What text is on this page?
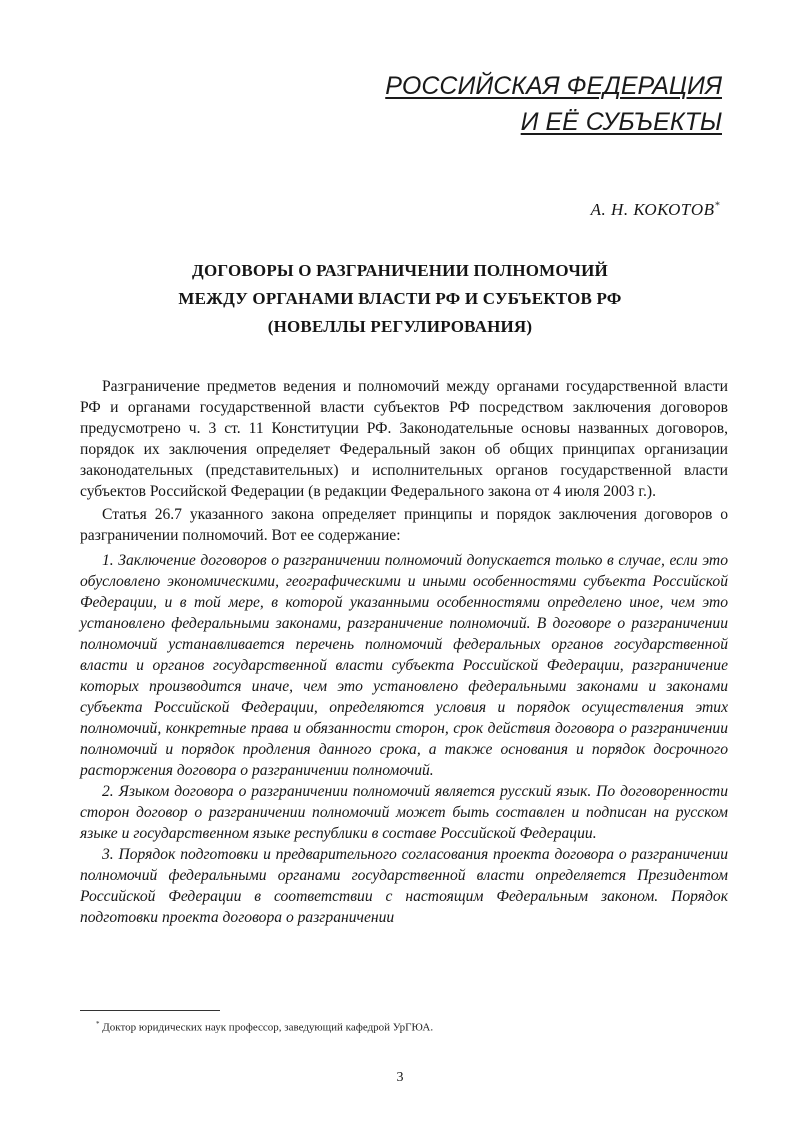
РОССИЙСКАЯ ФЕДЕРАЦИЯ
И ЕЁ СУБЪЕКТЫ
А. Н. КОКОТОВ*
ДОГОВОРЫ О РАЗГРАНИЧЕНИИ ПОЛНОМОЧИЙ
МЕЖДУ ОРГАНАМИ ВЛАСТИ РФ И СУБЪЕКТОВ РФ
(НОВЕЛЛЫ РЕГУЛИРОВАНИЯ)

Разграничение предметов ведения и полномочий между органами государственной власти РФ и органами государственной власти субъектов РФ посредством заключения договоров предусмотрено ч. 3 ст. 11 Конституции РФ. Законодательные основы названных договоров, порядок их заключения определяет Федеральный закон об общих принципах организации законодательных (представительных) и исполнительных органов государственной власти субъектов Российской Федерации (в редакции Федерального закона от 4 июля 2003 г.).

Статья 26.7 указанного закона определяет принципы и порядок заключения договоров о разграничении полномочий. Вот ее содержание:

1. Заключение договоров о разграничении полномочий допускается только в случае, если это обусловлено экономическими, географическими и иными особенностями субъекта Российской Федерации, и в той мере, в которой указанными особенностями определено иное, чем это установлено федеральными законами, разграничение полномочий. В договоре о разграничении полномочий устанавливается перечень полномочий федеральных органов государственной власти и органов государственной власти субъекта Российской Федерации, разграничение которых производится иначе, чем это установлено федеральными законами и законами субъекта Российской Федерации, определяются условия и порядок осуществления этих полномочий, конкретные права и обязанности сторон, срок действия договора о разграничении полномочий и порядок продления данного срока, а также основания и порядок досрочного расторжения договора о разграничении полномочий.

2. Языком договора о разграничении полномочий является русский язык. По договоренности сторон договор о разграничении полномочий может быть составлен и подписан на русском языке и государственном языке республики в составе Российской Федерации.

3. Порядок подготовки и предварительного согласования проекта договора о разграничении полномочий федеральными органами государственной власти определяется Президентом Российской Федерации в соответствии с настоящим Федеральным законом. Порядок подготовки проекта договора о разграничении

* Доктор юридических наук профессор, заведующий кафедрой УрГЮА.
3
